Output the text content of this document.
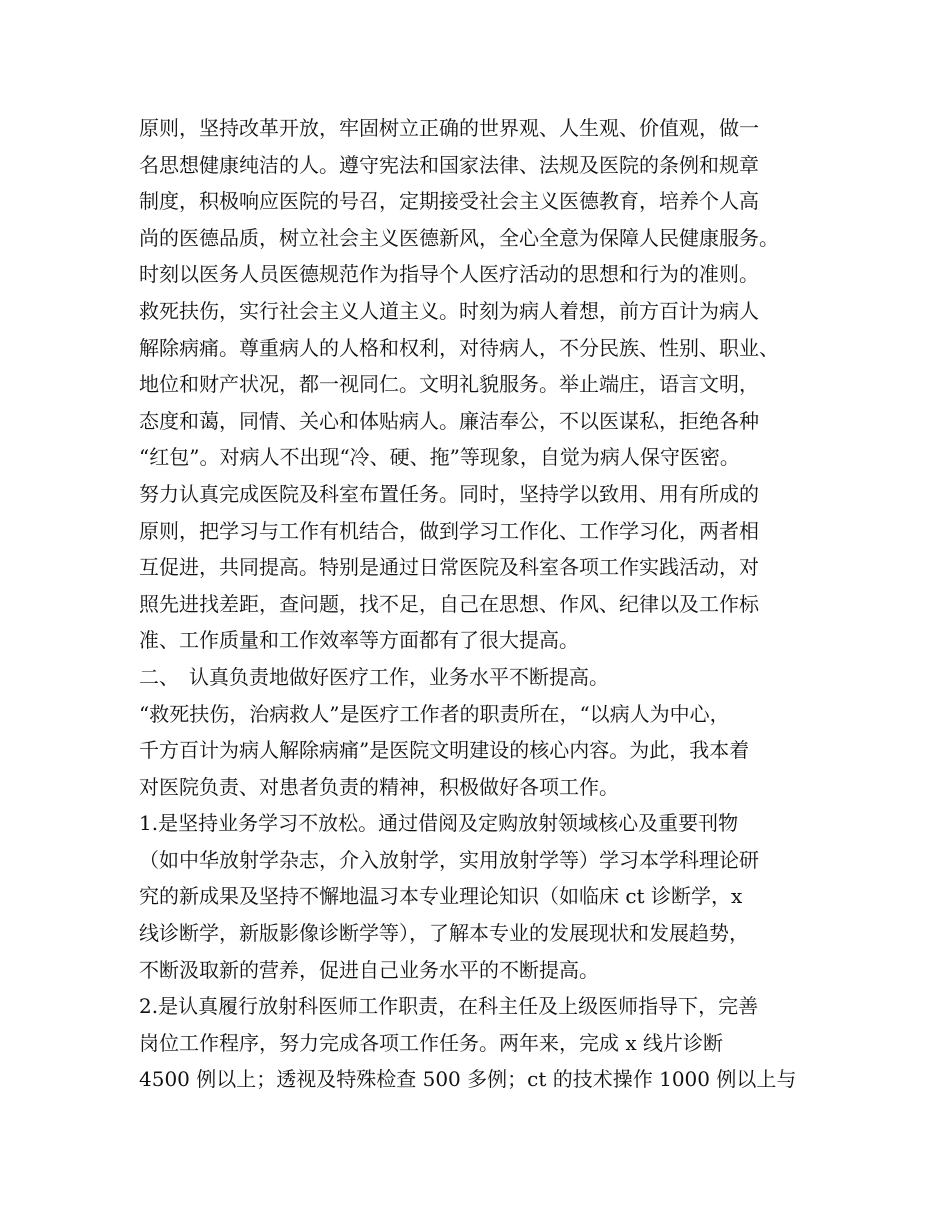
原则，坚持改革开放，牢固树立正确的世界观、人生观、价值观，做一
名思想健康纯洁的人。遵守宪法和国家法律、法规及医院的条例和规章
制度，积极响应医院的号召，定期接受社会主义医德教育，培养个人高
尚的医德品质，树立社会主义医德新风，全心全意为保障人民健康服务。
时刻以医务人员医德规范作为指导个人医疗活动的思想和行为的准则。
救死扶伤，实行社会主义人道主义。时刻为病人着想，前方百计为病人
解除病痛。尊重病人的人格和权利，对待病人，不分民族、性别、职业、
地位和财产状况，都一视同仁。文明礼貌服务。举止端庄，语言文明，
态度和蔼，同情、关心和体贴病人。廉洁奉公，不以医谋私，拒绝各种
“红包”。对病人不出现“冷、硬、拖”等现象，自觉为病人保守医密。
努力认真完成医院及科室布置任务。同时，坚持学以致用、用有所成的
原则，把学习与工作有机结合，做到学习工作化、工作学习化，两者相
互促进，共同提高。特别是通过日常医院及科室各项工作实践活动，对
照先进找差距，查问题，找不足，自己在思想、作风、纪律以及工作标
准、工作质量和工作效率等方面都有了很大提高。
二、　认真负责地做好医疗工作，业务水平不断提高。
“救死扶伤，治病救人”是医疗工作者的职责所在，“以病人为中心，
千方百计为病人解除病痛”是医院文明建设的核心内容。为此，我本着
对医院负责、对患者负责的精神，积极做好各项工作。
1.是坚持业务学习不放松。通过借阅及定购放射领域核心及重要刊物
（如中华放射学杂志，介入放射学，实用放射学等）学习本学科理论研
究的新成果及坚持不懈地温习本专业理论知识（如临床 ct 诊断学，x
线诊断学，新版影像诊断学等），了解本专业的发展现状和发展趋势，
不断汲取新的营养，促进自己业务水平的不断提高。
2.是认真履行放射科医师工作职责，在科主任及上级医师指导下，完善
岗位工作程序，努力完成各项工作任务。两年来，完成 x 线片诊断
4500 例以上；透视及特殊检查 500 多例；ct 的技术操作 1000 例以上与
